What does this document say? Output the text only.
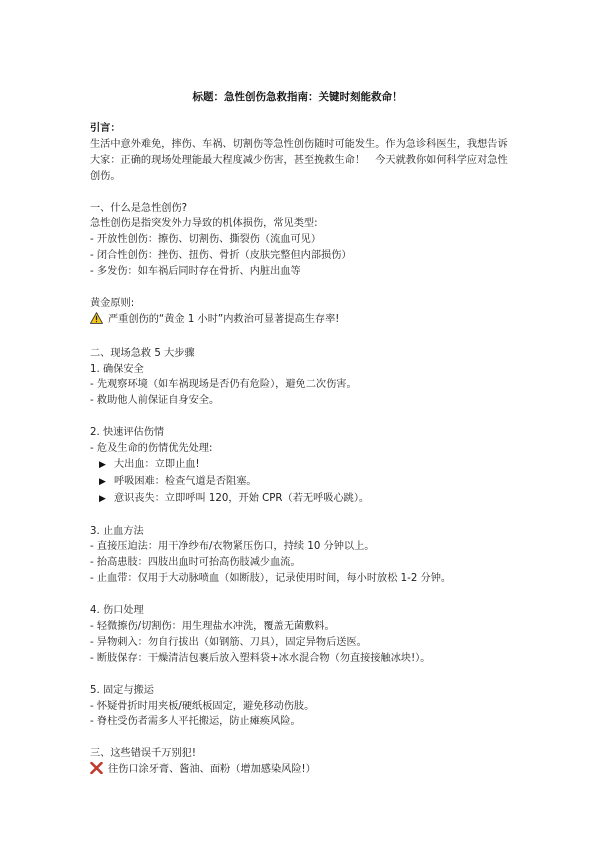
标题：急性创伤急救指南：关键时刻能救命！

引言：

生活中意外难免，摔伤、车祸、切割伤等急性创伤随时可能发生。作为急诊科医生，我想告诉大家：正确的现场处理能最大程度减少伤害，甚至挽救生命！　今天就教你如何科学应对急性创伤。

一、什么是急性创伤?

急性创伤是指突发外力导致的机体损伤，常见类型:

- 开放性创伤：擦伤、切割伤、撕裂伤（流血可见）

- 闭合性创伤：挫伤、扭伤、骨折（皮肤完整但内部损伤）

- 多发伤：如车祸后同时存在骨折、内脏出血等

黄金原则:

严重创伤的“黄金 1 小时”内救治可显著提高生存率!

二、现场急救 5 大步骤

1. 确保安全

- 先观察环境（如车祸现场是否仍有危险），避免二次伤害。

- 救助他人前保证自身安全。

2. 快速评估伤情

- 危及生命的伤情优先处理:

▶ 大出血：立即止血!

▶ 呼吸困难：检查气道是否阻塞。

▶ 意识丧失：立即呼叫 120，开始 CPR（若无呼吸心跳）。

3. 止血方法

- 直接压迫法：用干净纱布/衣物紧压伤口，持续 10 分钟以上。

- 抬高患肢：四肢出血时可抬高伤肢减少血流。

- 止血带：仅用于大动脉喷血（如断肢），记录使用时间，每小时放松 1-2 分钟。

4. 伤口处理

- 轻微擦伤/切割伤：用生理盐水冲洗，覆盖无菌敷料。

- 异物刺入：勿自行拔出（如钢筋、刀具），固定异物后送医。

- 断肢保存：干燥清洁包裹后放入塑料袋+冰水混合物（勿直接接触冰块!）。

5. 固定与搬运

- 怀疑骨折时用夹板/硬纸板固定，避免移动伤肢。

- 脊柱受伤者需多人平托搬运，防止瘫痪风险。

三、这些错误千万别犯!

往伤口涂牙膏、酱油、面粉（增加感染风险!）
